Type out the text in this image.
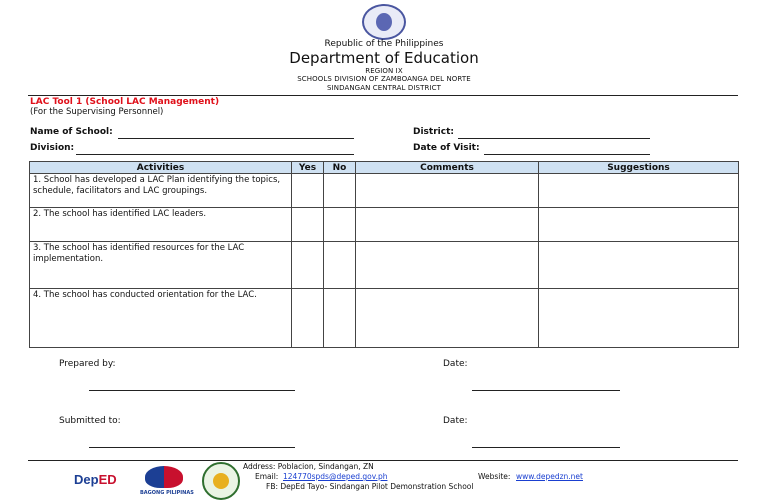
Republic of the Philippines
Department of Education
REGION IX
SCHOOLS DIVISION OF ZAMBOANGA DEL NORTE
SINDANGAN CENTRAL DISTRICT
LAC Tool 1 (School LAC Management)
(For the Supervising Personnel)
Name of School:
Division:
District:
Date of Visit:
Activities	Yes	No	Comments	Suggestions
1. School has developed a LAC Plan identifying the topics, schedule, facilitators and LAC groupings.				
2. The school has identified LAC leaders.				
3. The school has identified resources for the LAC implementation.				
4. The school has conducted orientation for the LAC.				
Prepared by:	Date:
Submitted to:	Date:
DepED
BAGONG PILIPINAS
Address: Poblacion, Sindangan, ZN
Email: 124770spds@deped.gov.ph	Website: www.depedzn.net
FB: DepEd Tayo- Sindangan Pilot Demonstration School
